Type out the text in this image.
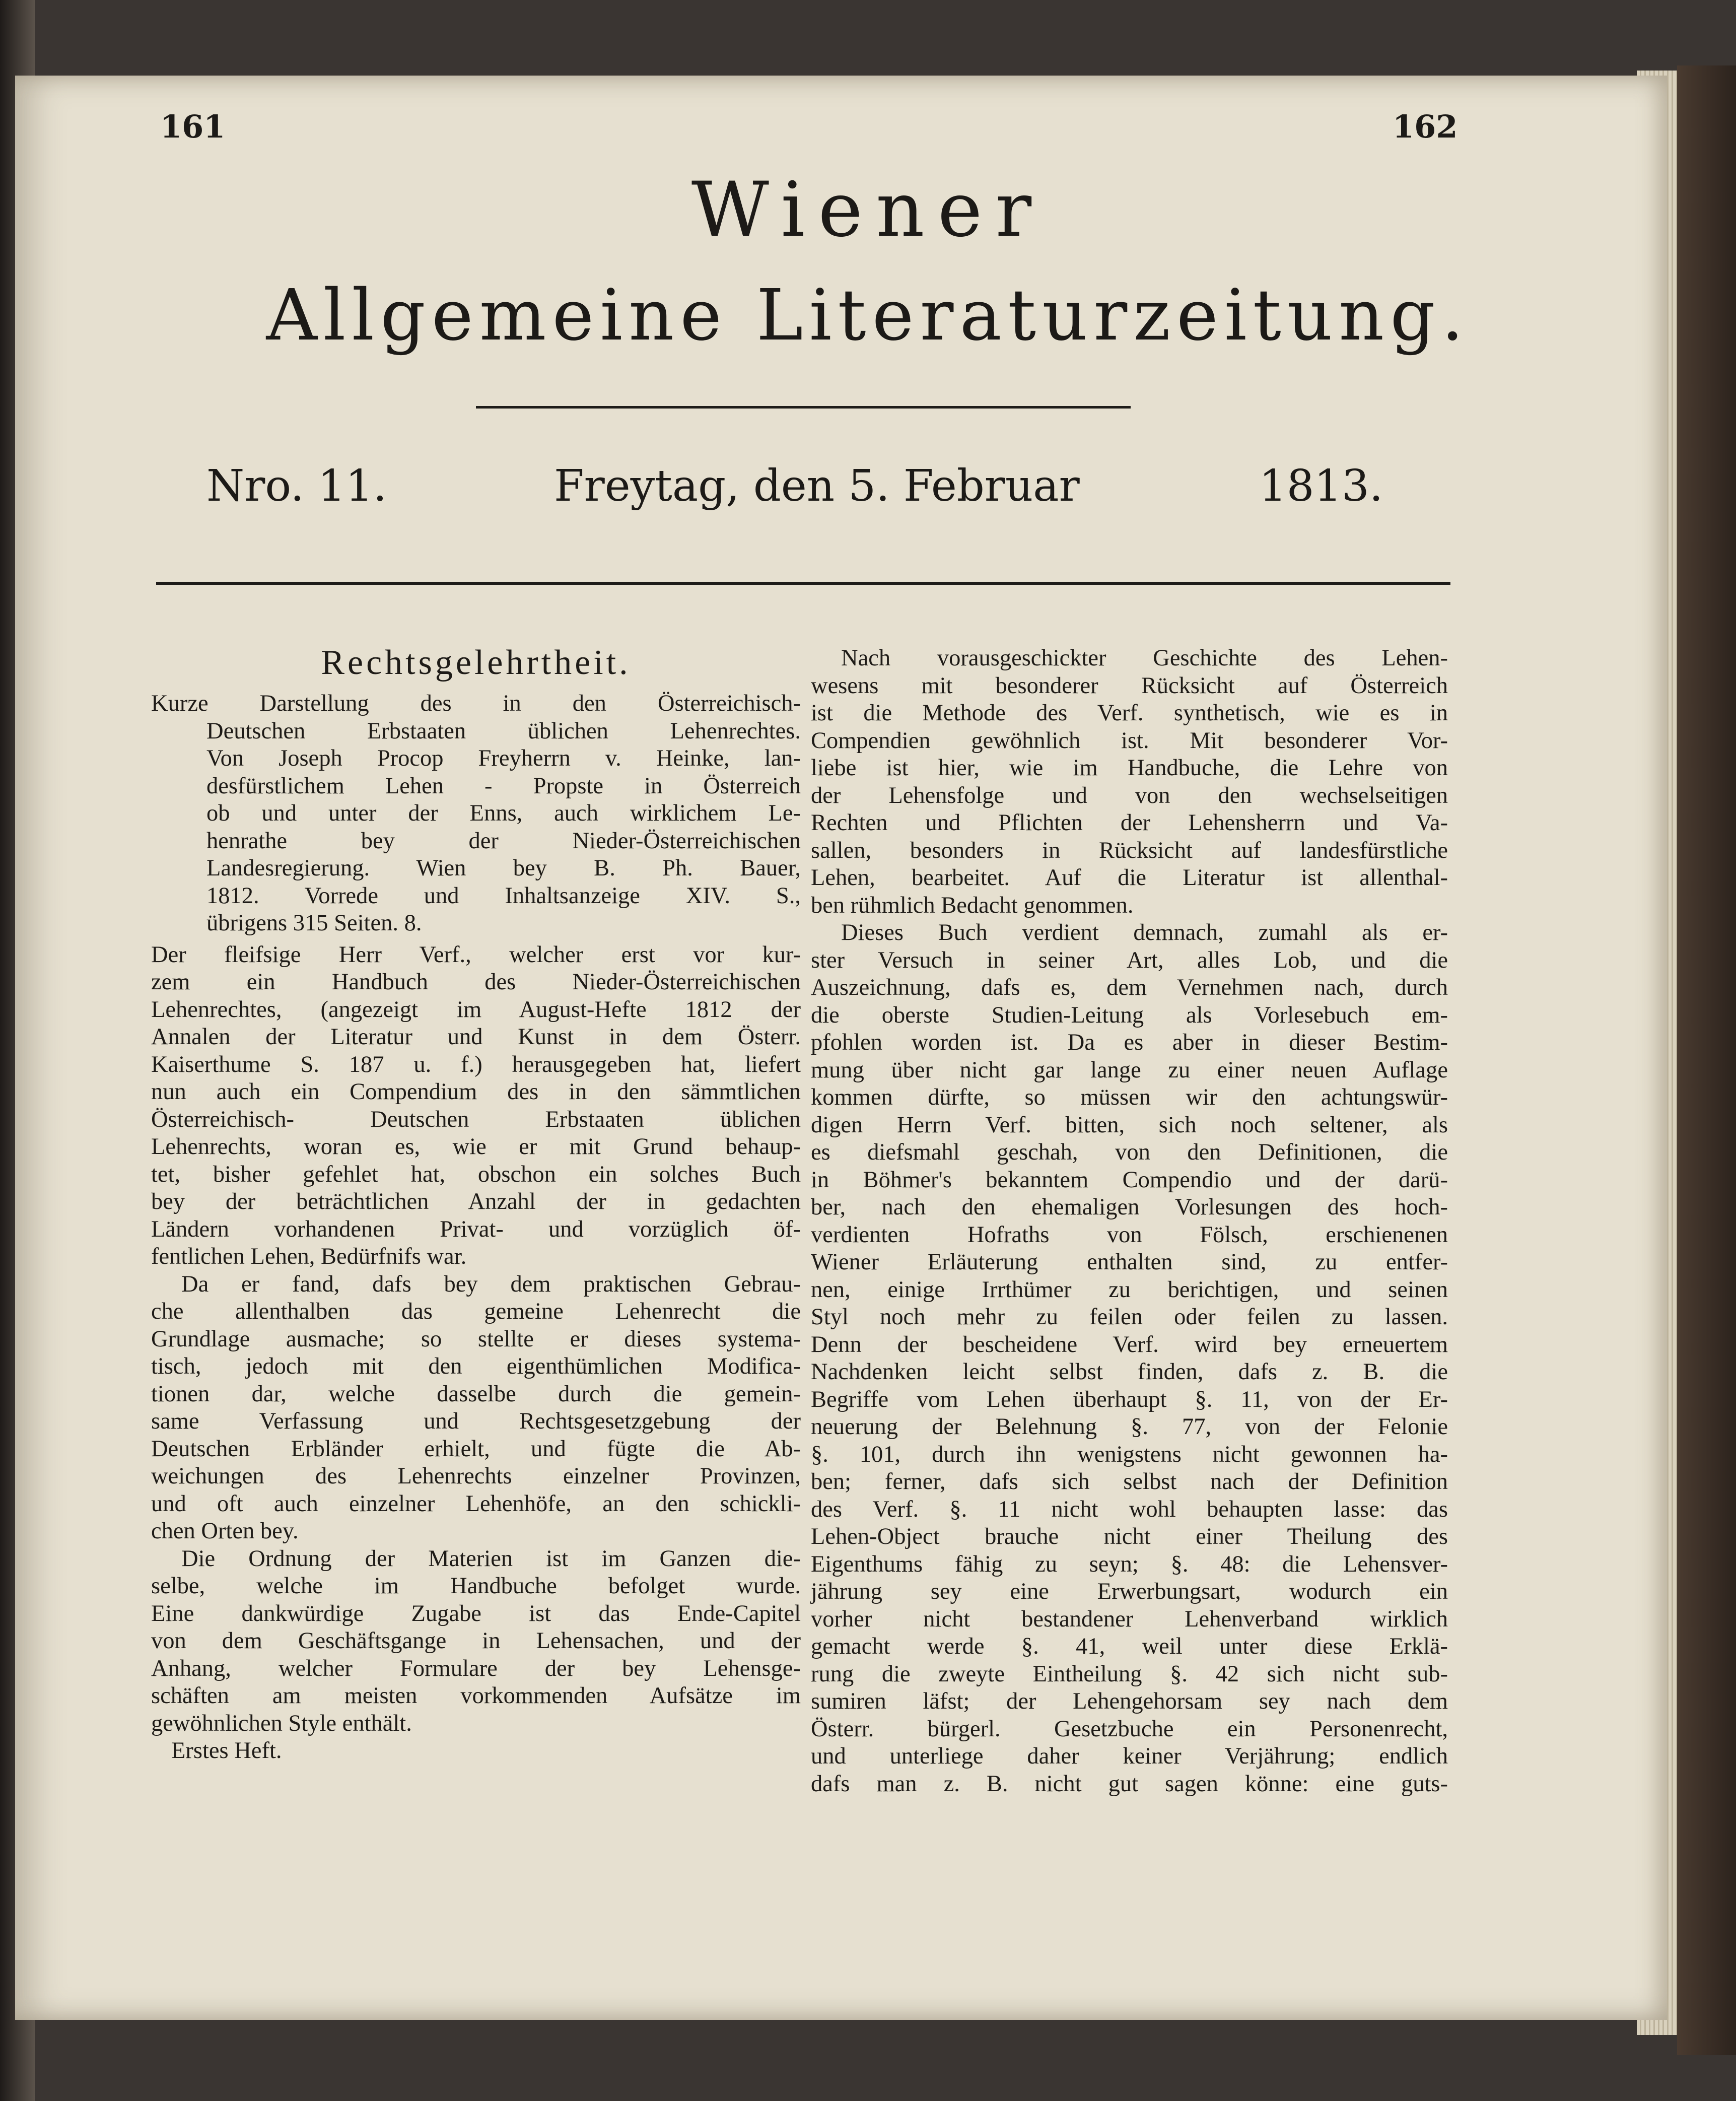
161	162
Wiener
Allgemeine Literaturzeitung.
Nro. 11.	Freytag, den 5. Februar	1813.
Rechtsgelehrtheit.

Kurze Darstellung des in den Österreichisch-

Deutschen Erbstaaten üblichen Lehenrechtes.

Von Joseph Procop Freyherrn v. Heinke, lan-

desfürstlichem Lehen - Propste in Österreich

ob und unter der Enns, auch wirklichem Le-

henrathe bey der Nieder-Österreichischen

Landesregierung. Wien bey B. Ph. Bauer,

1812. Vorrede und Inhaltsanzeige XIV. S.,

übrigens 315 Seiten. 8.

Der fleifsige Herr Verf., welcher erst vor kur-

zem ein Handbuch des Nieder-Österreichischen

Lehenrechtes, (angezeigt im August-Hefte 1812 der

Annalen der Literatur und Kunst in dem Österr.

Kaiserthume S. 187 u. f.) herausgegeben hat, liefert

nun auch ein Compendium des in den sämmtlichen

Österreichisch- Deutschen Erbstaaten üblichen

Lehenrechts, woran es, wie er mit Grund behaup-

tet, bisher gefehlet hat, obschon ein solches Buch

bey der beträchtlichen Anzahl der in gedachten

Ländern vorhandenen Privat- und vorzüglich öf-

fentlichen Lehen, Bedürfnifs war.

Da er fand, dafs bey dem praktischen Gebrau-

che allenthalben das gemeine Lehenrecht die

Grundlage ausmache; so stellte er dieses systema-

tisch, jedoch mit den eigenthümlichen Modifica-

tionen dar, welche dasselbe durch die gemein-

same Verfassung und Rechtsgesetzgebung der

Deutschen Erbländer erhielt, und fügte die Ab-

weichungen des Lehenrechts einzelner Provinzen,

und oft auch einzelner Lehenhöfe, an den schickli-

chen Orten bey.

Die Ordnung der Materien ist im Ganzen die-

selbe, welche im Handbuche befolget wurde.

Eine dankwürdige Zugabe ist das Ende-Capitel

von dem Geschäftsgange in Lehensachen, und der

Anhang, welcher Formulare der bey Lehensge-

schäften am meisten vorkommenden Aufsätze im

gewöhnlichen Style enthält.

Erstes Heft.

Nach vorausgeschickter Geschichte des Lehen-

wesens mit besonderer Rücksicht auf Österreich

ist die Methode des Verf. synthetisch, wie es in

Compendien gewöhnlich ist. Mit besonderer Vor-

liebe ist hier, wie im Handbuche, die Lehre von

der Lehensfolge und von den wechselseitigen

Rechten und Pflichten der Lehensherrn und Va-

sallen, besonders in Rücksicht auf landesfürstliche

Lehen, bearbeitet. Auf die Literatur ist allenthal-

ben rühmlich Bedacht genommen.

Dieses Buch verdient demnach, zumahl als er-

ster Versuch in seiner Art, alles Lob, und die

Auszeichnung, dafs es, dem Vernehmen nach, durch

die oberste Studien-Leitung als Vorlesebuch em-

pfohlen worden ist. Da es aber in dieser Bestim-

mung über nicht gar lange zu einer neuen Auflage

kommen dürfte, so müssen wir den achtungswür-

digen Herrn Verf. bitten, sich noch seltener, als

es diefsmahl geschah, von den Definitionen, die

in Böhmer's bekanntem Compendio und der darü-

ber, nach den ehemaligen Vorlesungen des hoch-

verdienten Hofraths von Fölsch, erschienenen

Wiener Erläuterung enthalten sind, zu entfer-

nen, einige Irrthümer zu berichtigen, und seinen

Styl noch mehr zu feilen oder feilen zu lassen.

Denn der bescheidene Verf. wird bey erneuertem

Nachdenken leicht selbst finden, dafs z. B. die

Begriffe vom Lehen überhaupt §. 11, von der Er-

neuerung der Belehnung §. 77, von der Felonie

§. 101, durch ihn wenigstens nicht gewonnen ha-

ben; ferner, dafs sich selbst nach der Definition

des Verf. §. 11 nicht wohl behaupten lasse: das

Lehen-Object brauche nicht einer Theilung des

Eigenthums fähig zu seyn; §. 48: die Lehensver-

jährung sey eine Erwerbungsart, wodurch ein

vorher nicht bestandener Lehenverband wirklich

gemacht werde §. 41, weil unter diese Erklä-

rung die zweyte Eintheilung §. 42 sich nicht sub-

sumiren läfst; der Lehengehorsam sey nach dem

Österr. bürgerl. Gesetzbuche ein Personenrecht,

und unterliege daher keiner Verjährung; endlich

dafs man z. B. nicht gut sagen könne: eine guts-
